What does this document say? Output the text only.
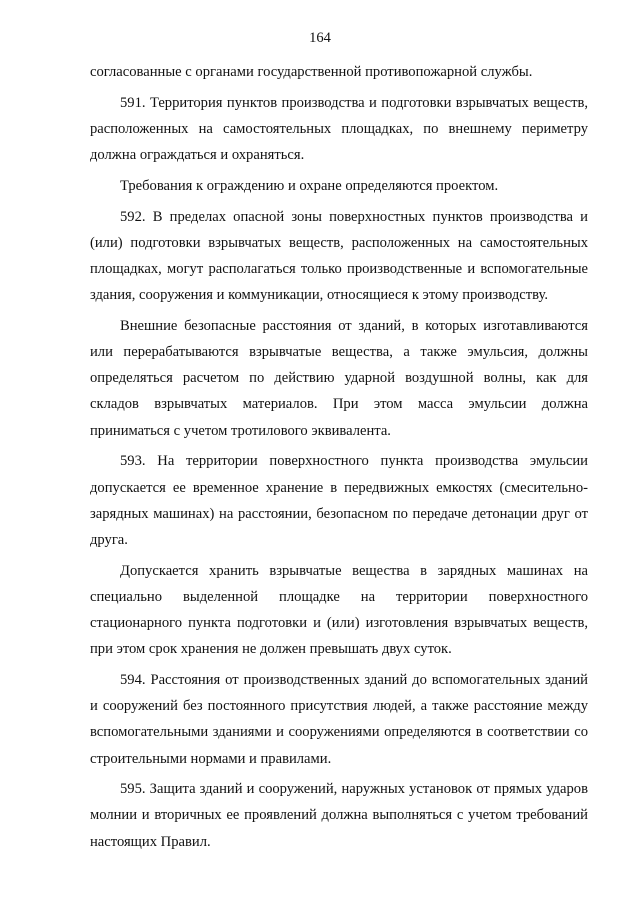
164

согласованные с органами государственной противопожарной службы.

591. Территория пунктов производства и подготовки взрывчатых веществ, расположенных на самостоятельных площадках, по внешнему периметру должна ограждаться и охраняться.

Требования к ограждению и охране определяются проектом.

592. В пределах опасной зоны поверхностных пунктов производства и (или) подготовки взрывчатых веществ, расположенных на самостоятельных площадках, могут располагаться только производственные и вспомогательные здания, сооружения и коммуникации, относящиеся к этому производству.

Внешние безопасные расстояния от зданий, в которых изготавливаются или перерабатываются взрывчатые вещества, а также эмульсия, должны определяться расчетом по действию ударной воздушной волны, как для складов взрывчатых материалов. При этом масса эмульсии должна приниматься с учетом тротилового эквивалента.

593. На территории поверхностного пункта производства эмульсии допускается ее временное хранение в передвижных емкостях (смесительно-зарядных машинах) на расстоянии, безопасном по передаче детонации друг от друга.

Допускается хранить взрывчатые вещества в зарядных машинах на специально выделенной площадке на территории поверхностного стационарного пункта подготовки и (или) изготовления взрывчатых веществ, при этом срок хранения не должен превышать двух суток.

594. Расстояния от производственных зданий до вспомогательных зданий и сооружений без постоянного присутствия людей, а также расстояние между вспомогательными зданиями и сооружениями определяются в соответствии со строительными нормами и правилами.

595. Защита зданий и сооружений, наружных установок от прямых ударов молнии и вторичных ее проявлений должна выполняться с учетом требований настоящих Правил.
